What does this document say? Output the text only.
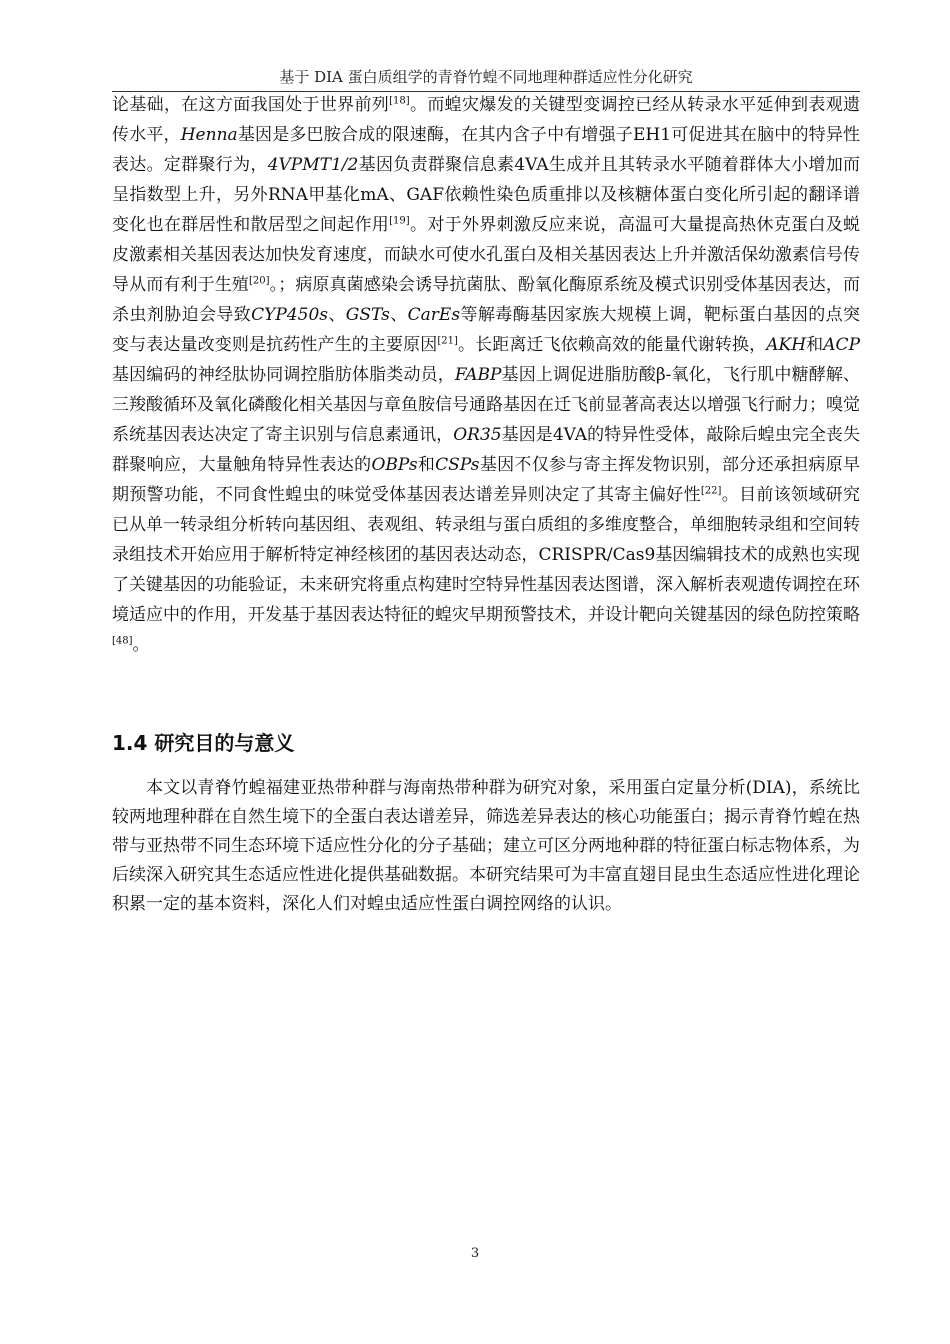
基于 DIA 蛋白质组学的青脊竹蝗不同地理种群适应性分化研究

论基础，在这方面我国处于世界前列[18]。而蝗灾爆发的关键型变调控已经从转录水平延伸到表观遗传水平，Henna基因是多巴胺合成的限速酶，在其内含子中有增强子EH1可促进其在脑中的特异性表达。定群聚行为，4VPMT1/2基因负责群聚信息素4VA生成并且其转录水平随着群体大小增加而呈指数型上升，另外RNA甲基化mA、GAF依赖性染色质重排以及核糖体蛋白变化所引起的翻译谱变化也在群居性和散居型之间起作用[19]。对于外界刺激反应来说，高温可大量提高热休克蛋白及蜕皮激素相关基因表达加快发育速度，而缺水可使水孔蛋白及相关基因表达上升并激活保幼激素信号传导从而有利于生殖[20]。；病原真菌感染会诱导抗菌肽、酚氧化酶原系统及模式识别受体基因表达，而杀虫剂胁迫会导致CYP450s、GSTs、CarEs等解毒酶基因家族大规模上调，靶标蛋白基因的点突变与表达量改变则是抗药性产生的主要原因[21]。长距离迁飞依赖高效的能量代谢转换，AKH和ACP基因编码的神经肽协同调控脂肪体脂类动员，FABP基因上调促进脂肪酸β-氧化，飞行肌中糖酵解、三羧酸循环及氧化磷酸化相关基因与章鱼胺信号通路基因在迁飞前显著高表达以增强飞行耐力；嗅觉系统基因表达决定了寄主识别与信息素通讯，OR35基因是4VA的特异性受体，敲除后蝗虫完全丧失群聚响应，大量触角特异性表达的OBPs和CSPs基因不仅参与寄主挥发物识别，部分还承担病原早期预警功能，不同食性蝗虫的味觉受体基因表达谱差异则决定了其寄主偏好性[22]。目前该领域研究已从单一转录组分析转向基因组、表观组、转录组与蛋白质组的多维度整合，单细胞转录组和空间转录组技术开始应用于解析特定神经核团的基因表达动态，CRISPR/Cas9基因编辑技术的成熟也实现了关键基因的功能验证，未来研究将重点构建时空特异性基因表达图谱，深入解析表观遗传调控在环境适应中的作用，开发基于基因表达特征的蝗灾早期预警技术，并设计靶向关键基因的绿色防控策略[48]。

1.4 研究目的与意义

本文以青脊竹蝗福建亚热带种群与海南热带种群为研究对象，采用蛋白定量分析(DIA)，系统比较两地理种群在自然生境下的全蛋白表达谱差异，筛选差异表达的核心功能蛋白；揭示青脊竹蝗在热带与亚热带不同生态环境下适应性分化的分子基础；建立可区分两地种群的特征蛋白标志物体系，为后续深入研究其生态适应性进化提供基础数据。本研究结果可为丰富直翅目昆虫生态适应性进化理论积累一定的基本资料，深化人们对蝗虫适应性蛋白调控网络的认识。

3
